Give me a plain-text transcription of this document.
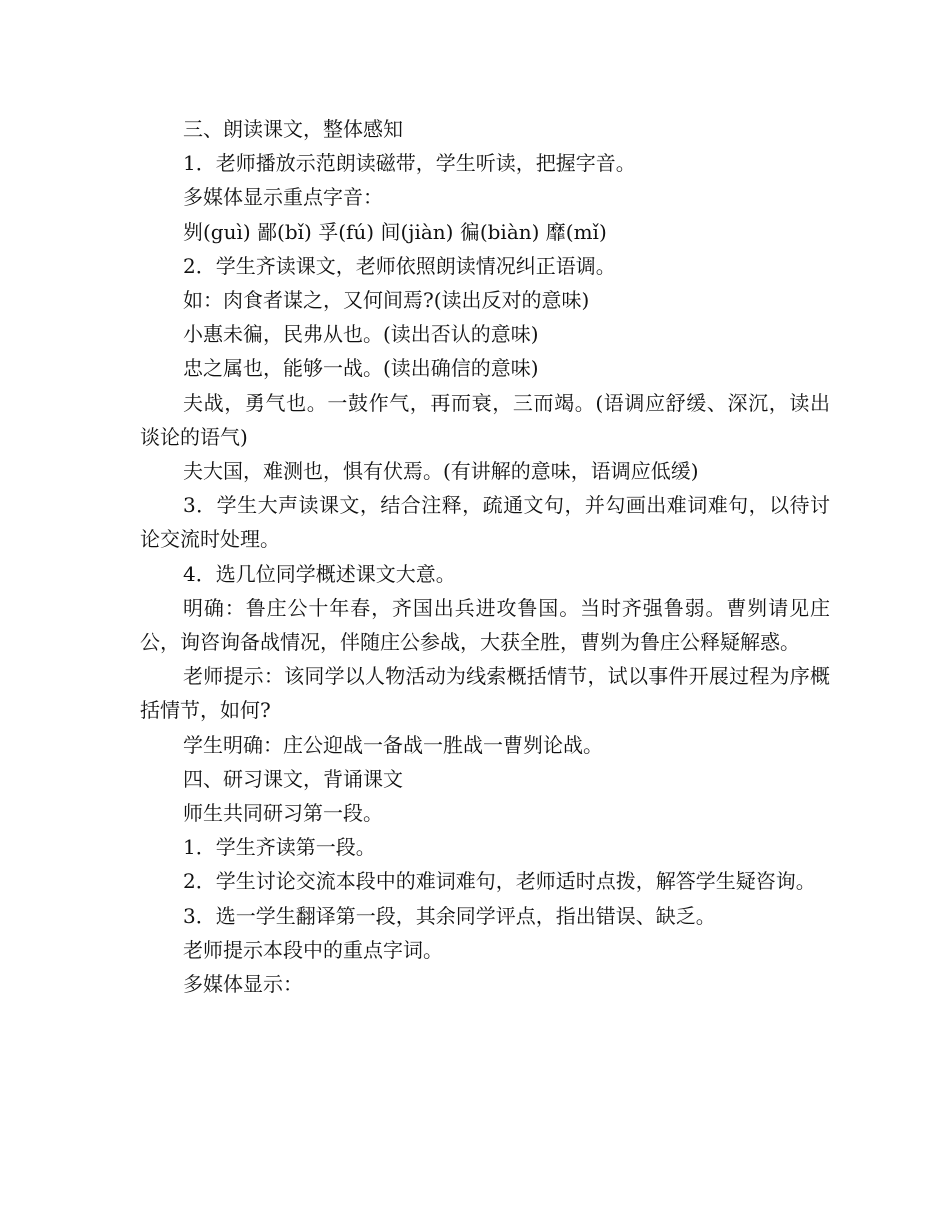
三、朗读课文，整体感知

1．老师播放示范朗读磁带，学生听读，把握字音。

多媒体显示重点字音：

刿(guì) 鄙(bǐ) 孚(fú) 间(jiàn) 徧(biàn) 靡(mǐ)

2．学生齐读课文，老师依照朗读情况纠正语调。

如：肉食者谋之，又何间焉?(读出反对的意味)

小惠未徧，民弗从也。(读出否认的意味)

忠之属也，能够一战。(读出确信的意味)

夫战，勇气也。一鼓作气，再而衰，三而竭。(语调应舒缓、深沉，读出谈论的语气)

夫大国，难测也，惧有伏焉。(有讲解的意味，语调应低缓)

3．学生大声读课文，结合注释，疏通文句，并勾画出难词难句，以待讨论交流时处理。

4．选几位同学概述课文大意。

明确：鲁庄公十年春，齐国出兵进攻鲁国。当时齐强鲁弱。曹刿请见庄公，询咨询备战情况，伴随庄公参战，大获全胜，曹刿为鲁庄公释疑解惑。

老师提示：该同学以人物活动为线索概括情节，试以事件开展过程为序概括情节，如何?

学生明确：庄公迎战一备战一胜战一曹刿论战。

四、研习课文，背诵课文

师生共同研习第一段。

1．学生齐读第一段。

2．学生讨论交流本段中的难词难句，老师适时点拨，解答学生疑咨询。

3．选一学生翻译第一段，其余同学评点，指出错误、缺乏。

老师提示本段中的重点字词。

多媒体显示：
